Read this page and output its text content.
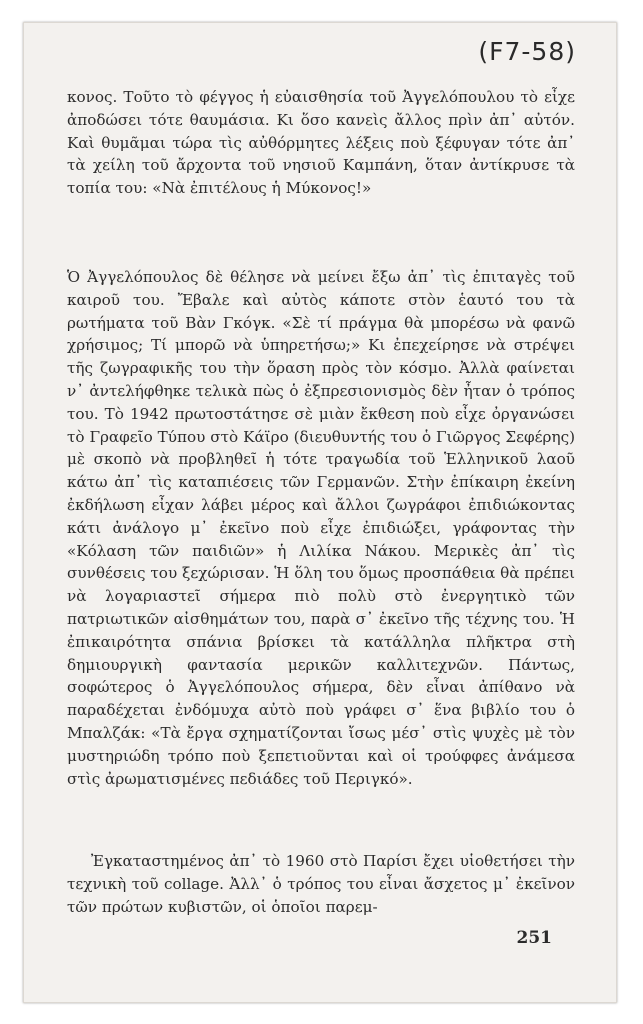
(F7-58)
κονος. Τοῦτο τὸ φέγγος ἡ εὐαισθησία τοῦ Ἀγγελόπουλου τὸ εἶχε ἀποδώσει τότε θαυμάσια. Κι ὅσο κανεὶς ἄλλος πρὶν ἀπ᾿ αὐτόν. Καὶ θυμᾶμαι τώρα τὶς αὐθόρμητες λέξεις ποὺ ξέφυγαν τότε ἀπ᾿ τὰ χείλη τοῦ ἄρχοντα τοῦ νησιοῦ Καμπάνη, ὅταν ἀντίκρυσε τὰ τοπία του: «Νὰ ἐπιτέλους ἡ Μύκονος!»
Ὁ Ἀγγελόπουλος δὲ θέλησε νὰ μείνει ἔξω ἀπ᾿ τὶς ἐπιταγὲς τοῦ καιροῦ του. Ἔβαλε καὶ αὐτὸς κάποτε στὸν ἑαυτό του τὰ ρωτήματα τοῦ Βὰν Γκόγκ. «Σὲ τί πράγμα θὰ μπορέσω νὰ φανῶ χρήσιμος; Τί μπορῶ νὰ ὑπηρετήσω;» Κι ἐπεχείρησε νὰ στρέψει τῆς ζωγραφικῆς του τὴν ὅραση πρὸς τὸν κόσμο. Ἀλλὰ φαίνεται ν᾿ ἀντελήφθηκε τελικὰ πὼς ὁ ἐξπρεσιονισμὸς δὲν ἦταν ὁ τρόπος του. Τὸ 1942 πρωτοστάτησε σὲ μιὰν ἔκθεση ποὺ εἶχε ὀργανώσει τὸ Γραφεῖο Τύπου στὸ Κάϊρο (διευθυντής του ὁ Γιῶργος Σεφέρης) μὲ σκοπὸ νὰ προβληθεῖ ἡ τότε τραγωδία τοῦ Ἑλληνικοῦ λαοῦ κάτω ἀπ᾿ τὶς καταπιέσεις τῶν Γερμανῶν. Στὴν ἐπίκαιρη ἐκείνη ἐκδήλωση εἶχαν λάβει μέρος καὶ ἄλλοι ζωγράφοι ἐπιδιώκοντας κάτι ἀνάλογο μ᾿ ἐκεῖνο ποὺ εἶχε ἐπιδιώξει, γράφοντας τὴν «Κόλαση τῶν παιδιῶν» ἡ Λιλίκα Νάκου. Μερικὲς ἀπ᾿ τὶς συνθέσεις του ξεχώρισαν. Ἡ ὅλη του ὅμως προσπάθεια θὰ πρέπει νὰ λογαριαστεῖ σήμερα πιὸ πολὺ στὸ ἐνεργητικὸ τῶν πατριωτικῶν αἰσθημάτων του, παρὰ σ᾿ ἐκεῖνο τῆς τέχνης του. Ἡ ἐπικαιρότητα σπάνια βρίσκει τὰ κατάλληλα πλῆκτρα στὴ δημιουργικὴ φαντασία μερικῶν καλλιτεχνῶν. Πάντως, σοφώτερος ὁ Ἀγγελόπουλος σήμερα, δὲν εἶναι ἀπίθανο νὰ παραδέχεται ἐνδόμυχα αὐτὸ ποὺ γράφει σ᾿ ἕνα βιβλίο του ὁ Μπαλζάκ: «Τὰ ἔργα σχηματίζονται ἴσως μέσ᾿ στὶς ψυχὲς μὲ τὸν μυστηριώδη τρόπο ποὺ ξεπετιοῦνται καὶ οἱ τρούφφες ἀνάμεσα στὶς ἀρωματισμένες πεδιάδες τοῦ Περιγκό».
Ἐγκαταστημένος ἀπ᾿ τὸ 1960 στὸ Παρίσι ἔχει υἱοθετήσει τὴν τεχνικὴ τοῦ collage. Ἀλλ᾿ ὁ τρόπος του εἶναι ἄσχετος μ᾿ ἐκεῖνον τῶν πρώτων κυβιστῶν, οἱ ὁποῖοι παρεμ-
251
